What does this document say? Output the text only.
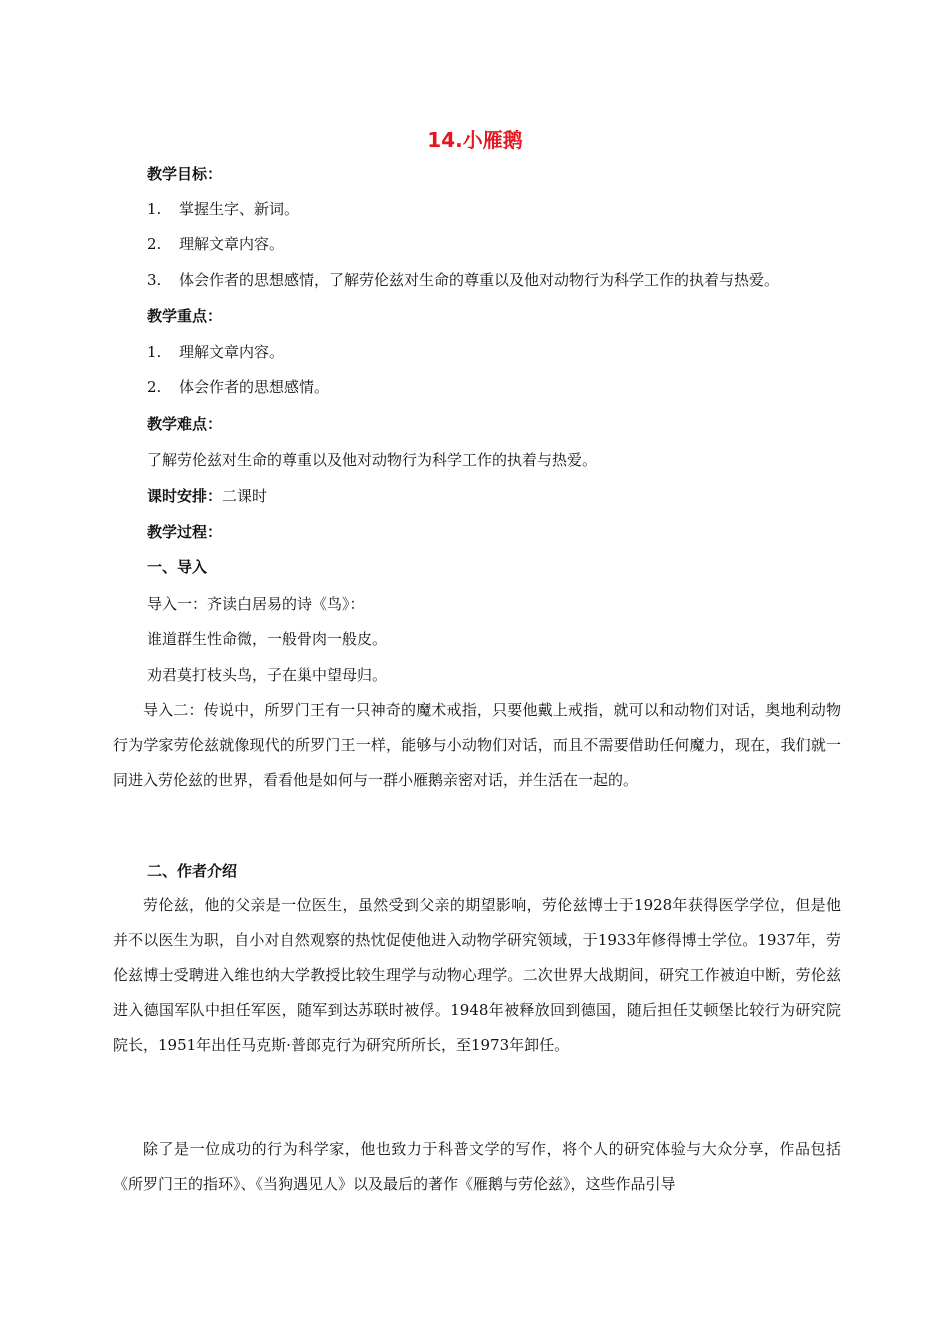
14.小雁鹅

教学目标：

1. 掌握生字、新词。

2. 理解文章内容。

3. 体会作者的思想感情，了解劳伦兹对生命的尊重以及他对动物行为科学工作的执着与热爱。

教学重点：

1. 理解文章内容。

2. 体会作者的思想感情。

教学难点：

了解劳伦兹对生命的尊重以及他对动物行为科学工作的执着与热爱。

课时安排：二课时

教学过程：

一、导入

导入一：齐读白居易的诗《鸟》：

谁道群生性命微，一般骨肉一般皮。

劝君莫打枝头鸟，子在巢中望母归。

导入二：传说中，所罗门王有一只神奇的魔术戒指，只要他戴上戒指，就可以和动物们对话，奥地利动物行为学家劳伦兹就像现代的所罗门王一样，能够与小动物们对话，而且不需要借助任何魔力，现在，我们就一同进入劳伦兹的世界，看看他是如何与一群小雁鹅亲密对话，并生活在一起的。

二、作者介绍

劳伦兹，他的父亲是一位医生，虽然受到父亲的期望影响，劳伦兹博士于1928年获得医学学位，但是他并不以医生为职，自小对自然观察的热忱促使他进入动物学研究领域，于1933年修得博士学位。1937年，劳伦兹博士受聘进入维也纳大学教授比较生理学与动物心理学。二次世界大战期间，研究工作被迫中断，劳伦兹进入德国军队中担任军医，随军到达苏联时被俘。1948年被释放回到德国，随后担任艾顿堡比较行为研究院院长，1951年出任马克斯·普郎克行为研究所所长，至1973年卸任。

除了是一位成功的行为科学家，他也致力于科普文学的写作，将个人的研究体验与大众分享，作品包括《所罗门王的指环》、《当狗遇见人》以及最后的著作《雁鹅与劳伦兹》，这些作品引导
